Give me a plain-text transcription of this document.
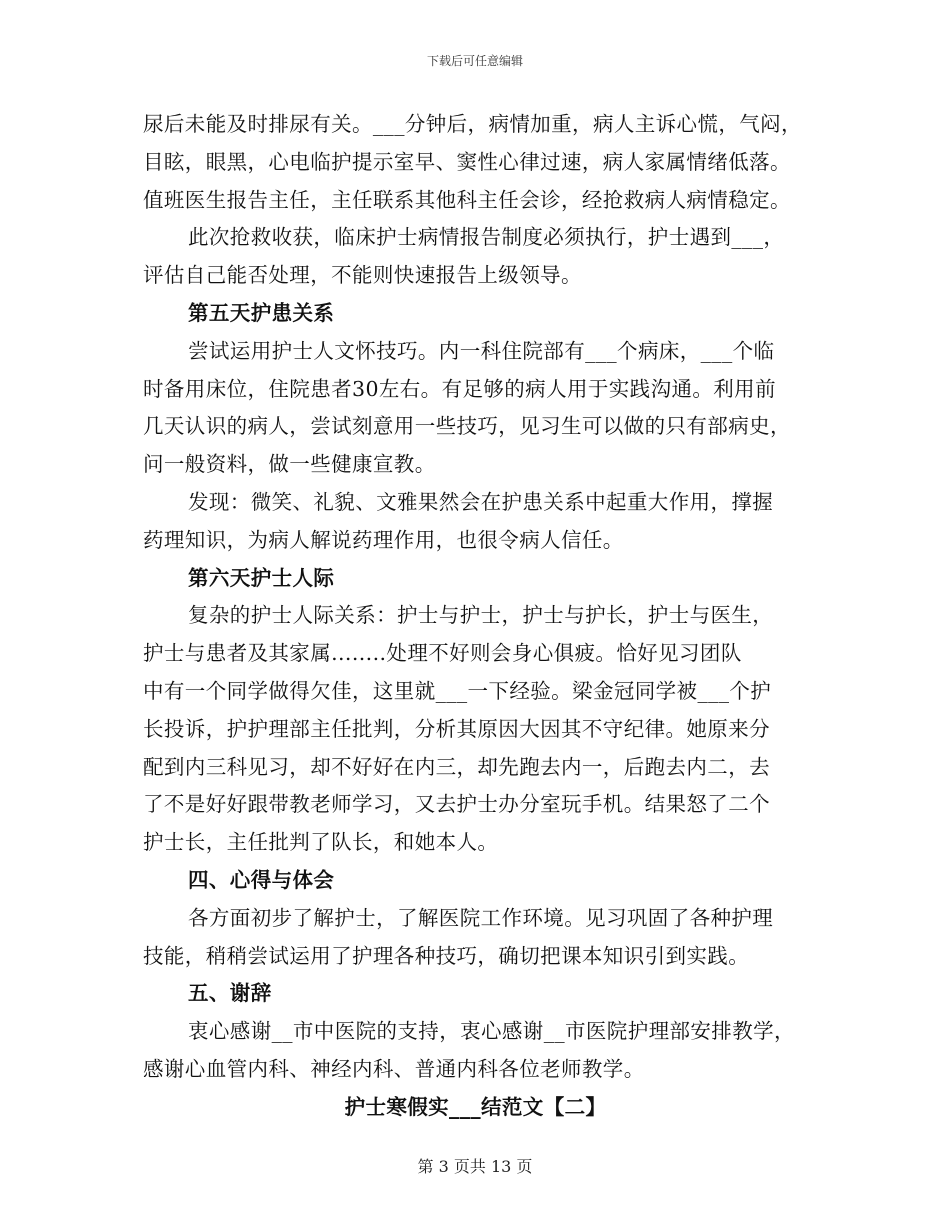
下载后可任意编辑
尿后未能及时排尿有关。___分钟后，病情加重，病人主诉心慌，气闷，
目眩，眼黑，心电临护提示室早、窦性心律过速，病人家属情绪低落。
值班医生报告主任，主任联系其他科主任会诊，经抢救病人病情稳定。
此次抢救收获，临床护士病情报告制度必须执行，护士遇到___，
评估自己能否处理，不能则快速报告上级领导。
第五天护患关系
尝试运用护士人文怀技巧。内一科住院部有___个病床，___个临
时备用床位，住院患者30左右。有足够的病人用于实践沟通。利用前
几天认识的病人，尝试刻意用一些技巧，见习生可以做的只有部病史，
问一般资料，做一些健康宣教。
发现：微笑、礼貌、文雅果然会在护患关系中起重大作用，撑握
药理知识，为病人解说药理作用，也很令病人信任。
第六天护士人际
复杂的护士人际关系：护士与护士，护士与护长，护士与医生，
护士与患者及其家属........处理不好则会身心俱疲。恰好见习团队
中有一个同学做得欠佳，这里就___一下经验。梁金冠同学被___个护
长投诉，护护理部主任批判，分析其原因大因其不守纪律。她原来分
配到内三科见习，却不好好在内三，却先跑去内一，后跑去内二，去
了不是好好跟带教老师学习，又去护士办分室玩手机。结果怒了二个
护士长，主任批判了队长，和她本人。
四、心得与体会
各方面初步了解护士，了解医院工作环境。见习巩固了各种护理
技能，稍稍尝试运用了护理各种技巧，确切把课本知识引到实践。
五、谢辞
衷心感谢__市中医院的支持，衷心感谢__市医院护理部安排教学，
感谢心血管内科、神经内科、普通内科各位老师教学。
护士寒假实___结范文【二】
第 3 页共 13 页
